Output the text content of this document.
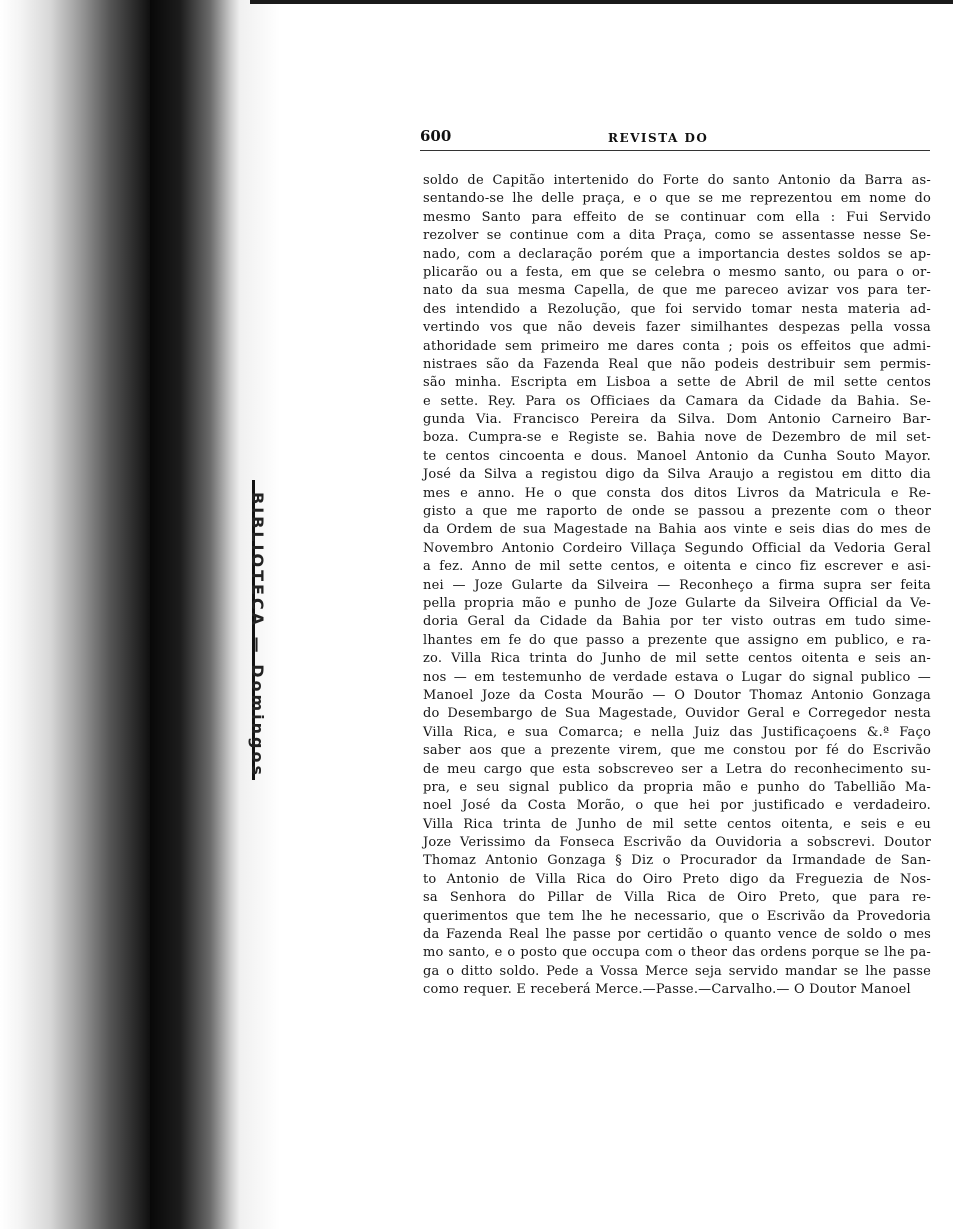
BIBLIOTECA — Domingos
600	REVISTA DO
soldo de Capitão intertenido do Forte do santo Antonio da Barra as-
sentando-se lhe delle praça, e o que se me reprezentou em nome do
mesmo Santo para effeito de se continuar com ella : Fui Servido
rezolver se continue com a dita Praça, como se assentasse nesse Se-
nado, com a declaração porém que a importancia destes soldos se ap-
plicarão ou a festa, em que se celebra o mesmo santo, ou para o or-
nato da sua mesma Capella, de que me pareceo avizar vos para ter-
des intendido a Rezolução, que foi servido tomar nesta materia ad-
vertindo vos que não deveis fazer similhantes despezas pella vossa
athoridade sem primeiro me dares conta ; pois os effeitos que admi-
nistraes são da Fazenda Real que não podeis destribuir sem permis-
são minha. Escripta em Lisboa a sette de Abril de mil sette centos
e sette. Rey. Para os Officiaes da Camara da Cidade da Bahia. Se-
gunda Via. Francisco Pereira da Silva. Dom Antonio Carneiro Bar-
boza. Cumpra-se e Registe se. Bahia nove de Dezembro de mil set-
te centos cincoenta e dous. Manoel Antonio da Cunha Souto Mayor.
José da Silva a registou digo da Silva Araujo a registou em ditto dia
mes e anno. He o que consta dos ditos Livros da Matricula e Re-
gisto a que me raporto de onde se passou a prezente com o theor
da Ordem de sua Magestade na Bahia aos vinte e seis dias do mes de
Novembro Antonio Cordeiro Villaça Segundo Official da Vedoria Geral
a fez. Anno de mil sette centos, e oitenta e cinco fiz escrever e asi-
nei — Joze Gularte da Silveira — Reconheço a firma supra ser feita
pella propria mão e punho de Joze Gularte da Silveira Official da Ve-
doria Geral da Cidade da Bahia por ter visto outras em tudo sime-
lhantes em fe do que passo a prezente que assigno em publico, e ra-
zo. Villa Rica trinta do Junho de mil sette centos oitenta e seis an-
nos — em testemunho de verdade estava o Lugar do signal publico —
Manoel Joze da Costa Mourão — O Doutor Thomaz Antonio Gonzaga
do Desembargo de Sua Magestade, Ouvidor Geral e Corregedor nesta
Villa Rica, e sua Comarca; e nella Juiz das Justificaçoens &.ª Faço
saber aos que a prezente virem, que me constou por fé do Escrivão
de meu cargo que esta sobscreveo ser a Letra do reconhecimento su-
pra, e seu signal publico da propria mão e punho do Tabellião Ma-
noel José da Costa Morão, o que hei por justificado e verdadeiro.
Villa Rica trinta de Junho de mil sette centos oitenta, e seis e eu
Joze Verissimo da Fonseca Escrivão da Ouvidoria a sobscrevi. Doutor
Thomaz Antonio Gonzaga § Diz o Procurador da Irmandade de San-
to Antonio de Villa Rica do Oiro Preto digo da Freguezia de Nos-
sa Senhora do Pillar de Villa Rica de Oiro Preto, que para re-
querimentos que tem lhe he necessario, que o Escrivão da Provedoria
da Fazenda Real lhe passe por certidão o quanto vence de soldo o mes
mo santo, e o posto que occupa com o theor das ordens porque se lhe pa-
ga o ditto soldo. Pede a Vossa Merce seja servido mandar se lhe passe
como requer. E receberá Merce.—Passe.—Carvalho.— O Doutor Manoel
